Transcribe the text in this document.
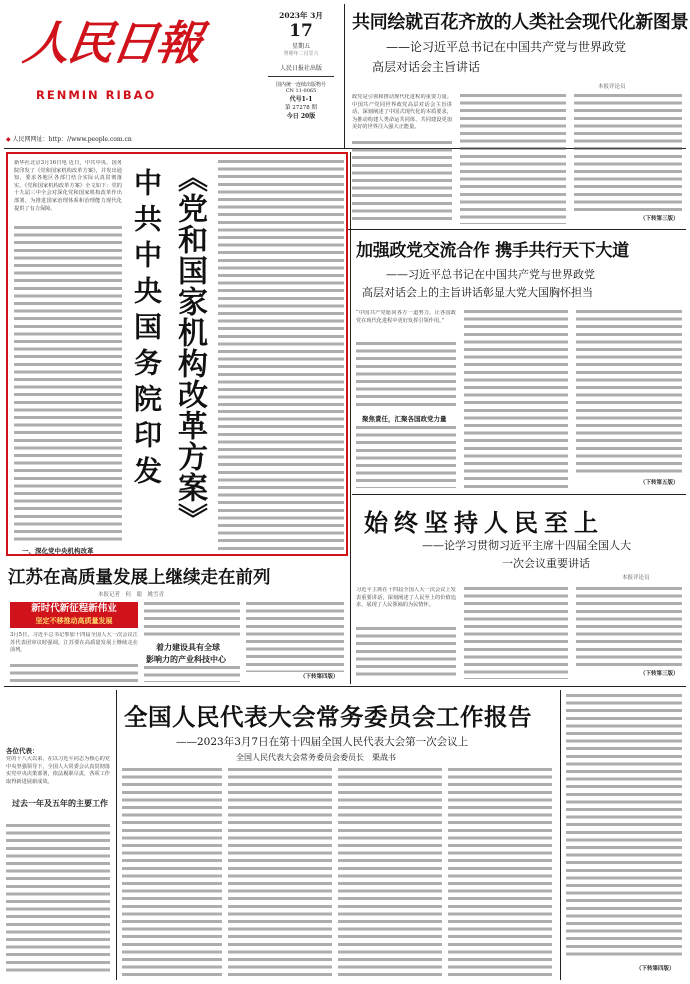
人民日報
RENMIN RIBAO
◆ 人民网网址：http：//www.people.com.cn
2023年 3月
17
星期五
癸卯年二月廿六
人民日报社出版
国内统一连续出版物号
CN 11-0065
代号1-1
第 27278 期
今日 20版
共同绘就百花齐放的人类社会现代化新图景
——论习近平总书记在中国共产党与世界政党
高层对话会主旨讲话
本报评论员
政党是引领和推动现代化进程的重要力量。中国共产党同世界政党高层对话会主旨讲话，深刻阐述了中国式现代化的本质要求，为推动构建人类命运共同体、共同建设更加美好的世界注入强大正能量。
（下转第三版）
新华社北京3月16日电 近日，中共中央、国务院印发了《党和国家机构改革方案》，并发出通知，要求各地区各部门结合实际认真贯彻落实。《党和国家机构改革方案》全文如下：党的十九届三中全会对深化党和国家机构改革作出部署，为推进国家治理体系和治理能力现代化提供了有力保障。
一、深化党中央机构改革
《党和国家机构改革方案》
中共中央国务院印发	加强政党交流合作 携手共行天下大道
——习近平总书记在中国共产党与世界政党
高层对话会上的主旨讲话彰显大党大国胸怀担当
“中国共产党愿同各方一道努力，让各国政党在现代化进程中更好发挥引领作用。”
聚焦責任，汇聚各国政党力量
（下转第五版）
始终坚持人民至上
——论学习贯彻习近平主席十四届全国人大
一次会议重要讲话
本报评论员
习近平主席在十四届全国人大一次会议上发表重要讲话，深刻阐述了人民至上的价值追求，展现了人民领袖的为民情怀。
（下转第三版）
江苏在高质量发展上继续走在前列
本报记者　何　聪　姚雪青
新时代新征程新伟业
坚定不移推动高质量发展
3月5日，习近平总书记参加十四届全国人大一次会议江苏代表团审议时强调，江苏要在高质量发展上继续走在前列。	着力建设具有全球
影响力的产业科技中心
（下转第四版）
各位代表：
党的十八大以来，在以习近平同志为核心的党中央坚强领导下，全国人大常委会认真贯彻落实党中央决策部署，依法履职尽责，各项工作取得新进展新成效。
过去一年及五年的主要工作
全国人民代表大会常务委员会工作报告
——2023年3月7日在第十四届全国人民代表大会第一次会议上
全国人民代表大会常务委员会委员长　栗战书
（下转第四版）
